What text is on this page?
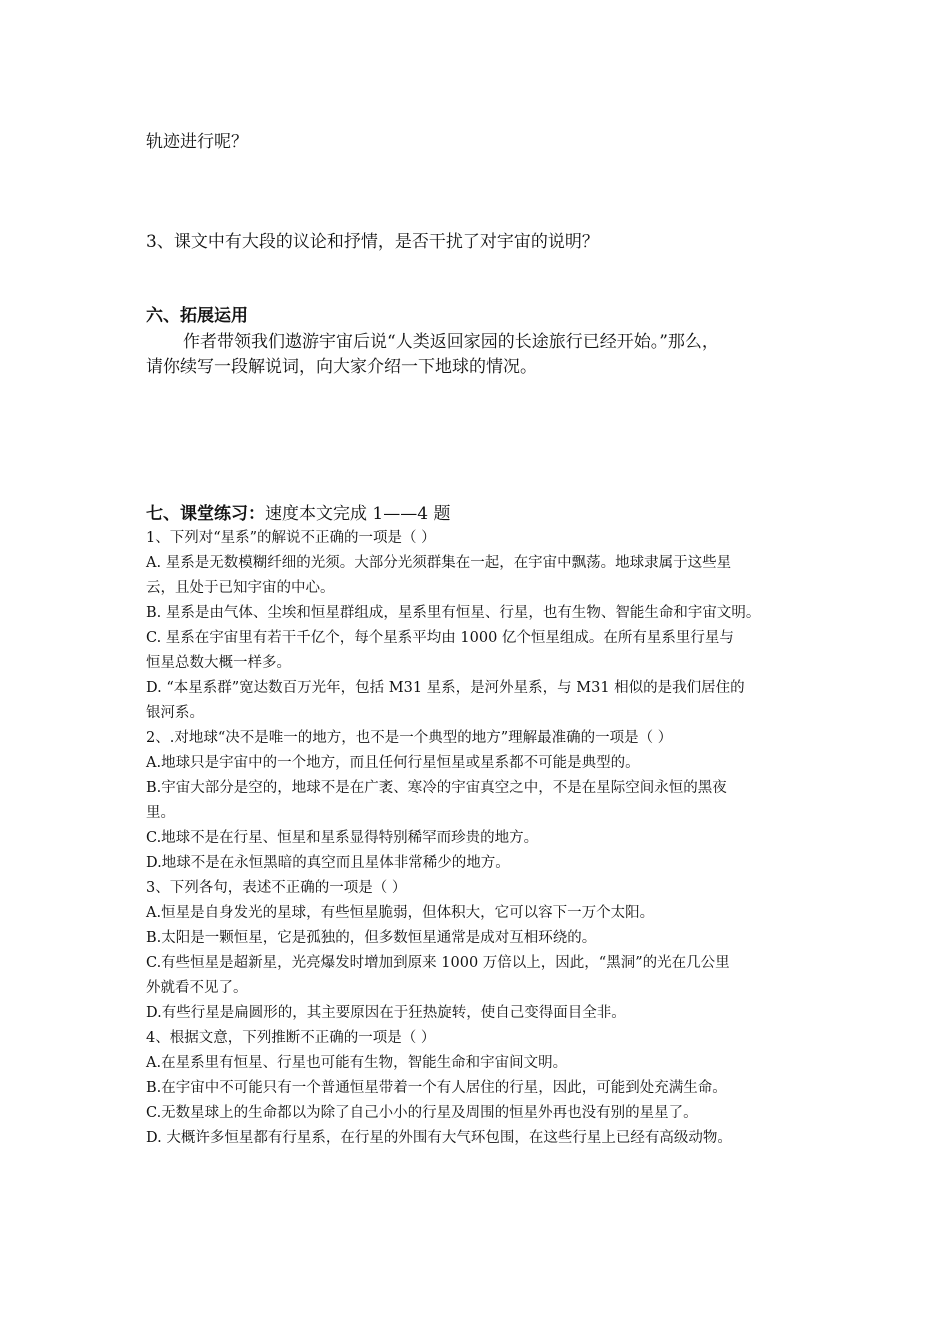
轨迹进行呢？
3、课文中有大段的议论和抒情，是否干扰了对宇宙的说明？
六、拓展运用
作者带领我们遨游宇宙后说“人类返回家园的长途旅行已经开始。”那么，
请你续写一段解说词，向大家介绍一下地球的情况。
七、课堂练习：速度本文完成 1——4 题
1、下列对“星系”的解说不正确的一项是（ ）
A. 星系是无数模糊纤细的光须。大部分光须群集在一起，在宇宙中飘荡。地球隶属于这些星
云，且处于已知宇宙的中心。
B. 星系是由气体、尘埃和恒星群组成，星系里有恒星、行星，也有生物、智能生命和宇宙文明。
C. 星系在宇宙里有若干千亿个，每个星系平均由 1000 亿个恒星组成。在所有星系里行星与
恒星总数大概一样多。
D. “本星系群”宽达数百万光年，包括 M31 星系，是河外星系，与 M31 相似的是我们居住的
银河系。
2、.对地球“决不是唯一的地方，也不是一个典型的地方”理解最准确的一项是（ ）
A.地球只是宇宙中的一个地方，而且任何行星恒星或星系都不可能是典型的。
B.宇宙大部分是空的，地球不是在广袤、寒冷的宇宙真空之中，不是在星际空间永恒的黑夜
里。
C.地球不是在行星、恒星和星系显得特别稀罕而珍贵的地方。
D.地球不是在永恒黑暗的真空而且星体非常稀少的地方。
3、下列各句，表述不正确的一项是（ ）
A.恒星是自身发光的星球，有些恒星脆弱，但体积大，它可以容下一万个太阳。
B.太阳是一颗恒星，它是孤独的，但多数恒星通常是成对互相环绕的。
C.有些恒星是超新星，光亮爆发时增加到原来 1000 万倍以上，因此，“黑洞”的光在几公里
外就看不见了。
D.有些行星是扁圆形的，其主要原因在于狂热旋转，使自己变得面目全非。
4、根据文意，下列推断不正确的一项是（ ）
A.在星系里有恒星、行星也可能有生物，智能生命和宇宙间文明。
B.在宇宙中不可能只有一个普通恒星带着一个有人居住的行星，因此，可能到处充满生命。
C.无数星球上的生命都以为除了自己小小的行星及周围的恒星外再也没有别的星星了。
D. 大概许多恒星都有行星系，在行星的外围有大气环包围，在这些行星上已经有高级动物。
